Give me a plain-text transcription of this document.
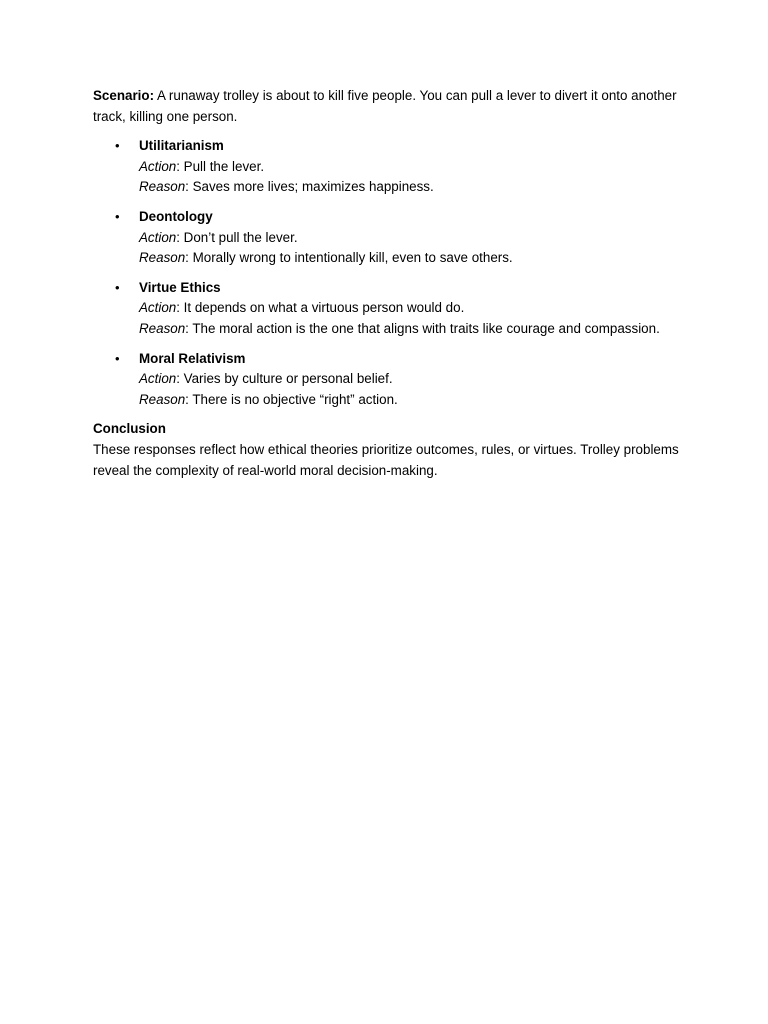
Scenario: A runaway trolley is about to kill five people. You can pull a lever to divert it onto another track, killing one person.

• Utilitarianism
Action: Pull the lever.
Reason: Saves more lives; maximizes happiness.
• Deontology
Action: Don’t pull the lever.
Reason: Morally wrong to intentionally kill, even to save others.
• Virtue Ethics
Action: It depends on what a virtuous person would do.
Reason: The moral action is the one that aligns with traits like courage and compassion.
• Moral Relativism
Action: Varies by culture or personal belief.
Reason: There is no objective “right” action.
Conclusion

These responses reflect how ethical theories prioritize outcomes, rules, or virtues. Trolley problems reveal the complexity of real-world moral decision-making.
